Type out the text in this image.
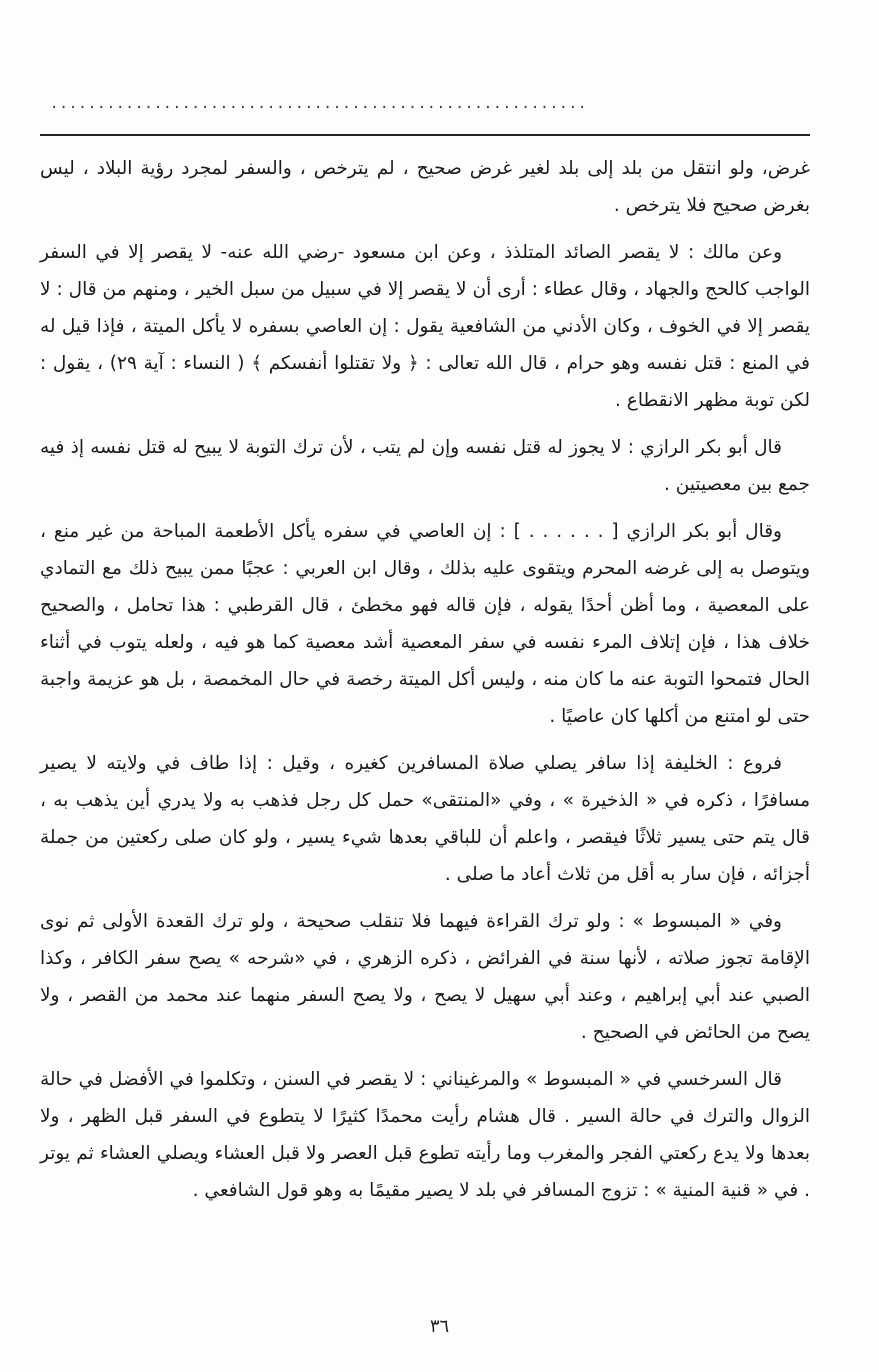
.........................................................

غرض، ولو انتقل من بلد إلى بلد لغير غرض صحيح ، لم يترخص ، والسفر لمجرد رؤية البلاد ، ليس بغرض صحيح فلا يترخص .

وعن مالك : لا يقصر الصائد المتلذذ ، وعن ابن مسعود -رضي الله عنه- لا يقصر إلا في السفر الواجب كالحج والجهاد ، وقال عطاء : أرى أن لا يقصر إلا في سبيل من سبل الخير ، ومنهم من قال : لا يقصر إلا في الخوف ، وكان الأدني من الشافعية يقول : إن العاصي بسفره لا يأكل الميتة ، فإذا قيل له في المنع : قتل نفسه وهو حرام ، قال الله تعالى : ﴿ ولا تقتلوا أنفسكم ﴾ ( النساء : آية ٢٩) ، يقول : لكن توبة مظهر الانقطاع .

قال أبو بكر الرازي : لا يجوز له قتل نفسه وإن لم يتب ، لأن ترك التوبة لا يبيح له قتل نفسه إذ فيه جمع بين معصيتين .

وقال أبو بكر الرازي [ . . . . . . ] : إن العاصي في سفره يأكل الأطعمة المباحة من غير منع ، ويتوصل به إلى غرضه المحرم ويتقوى عليه بذلك ، وقال ابن العربي : عجبًا ممن يبيح ذلك مع التمادي على المعصية ، وما أظن أحدًا يقوله ، فإن قاله فهو مخطئ ، قال القرطبي : هذا تحامل ، والصحيح خلاف هذا ، فإن إتلاف المرء نفسه في سفر المعصية أشد معصية كما هو فيه ، ولعله يتوب في أثناء الحال فتمحوا التوبة عنه ما كان منه ، وليس أكل الميتة رخصة في حال المخمصة ، بل هو عزيمة واجبة حتى لو امتنع من أكلها كان عاصيًا .

فروع : الخليفة إذا سافر يصلي صلاة المسافرين كغيره ، وقيل : إذا طاف في ولايته لا يصير مسافرًا ، ذكره في « الذخيرة » ، وفي «المنتقى» حمل كل رجل فذهب به ولا يدري أين يذهب به ، قال يتم حتى يسير ثلاثًا فيقصر ، واعلم أن للباقي بعدها شيء يسير ، ولو كان صلى ركعتين من جملة أجزائه ، فإن سار به أقل من ثلاث أعاد ما صلى .

وفي « المبسوط » : ولو ترك القراءة فيهما فلا تنقلب صحيحة ، ولو ترك القعدة الأولى ثم نوى الإقامة تجوز صلاته ، لأنها سنة في الفرائض ، ذكره الزهري ، في «شرحه » يصح سفر الكافر ، وكذا الصبي عند أبي إبراهيم ، وعند أبي سهيل لا يصح ، ولا يصح السفر منهما عند محمد من القصر ، ولا يصح من الحائض في الصحيح .

قال السرخسي في « المبسوط » والمرغيناني : لا يقصر في السنن ، وتكلموا في الأفضل في حالة الزوال والترك في حالة السير . قال هشام رأيت محمدًا كثيرًا لا يتطوع في السفر قبل الظهر ، ولا بعدها ولا يدع ركعتي الفجر والمغرب وما رأيته تطوع قبل العصر ولا قبل العشاء ويصلي العشاء ثم يوتر . في « قنية المنية » : تزوج المسافر في بلد لا يصير مقيمًا به وهو قول الشافعي .

٣٦
